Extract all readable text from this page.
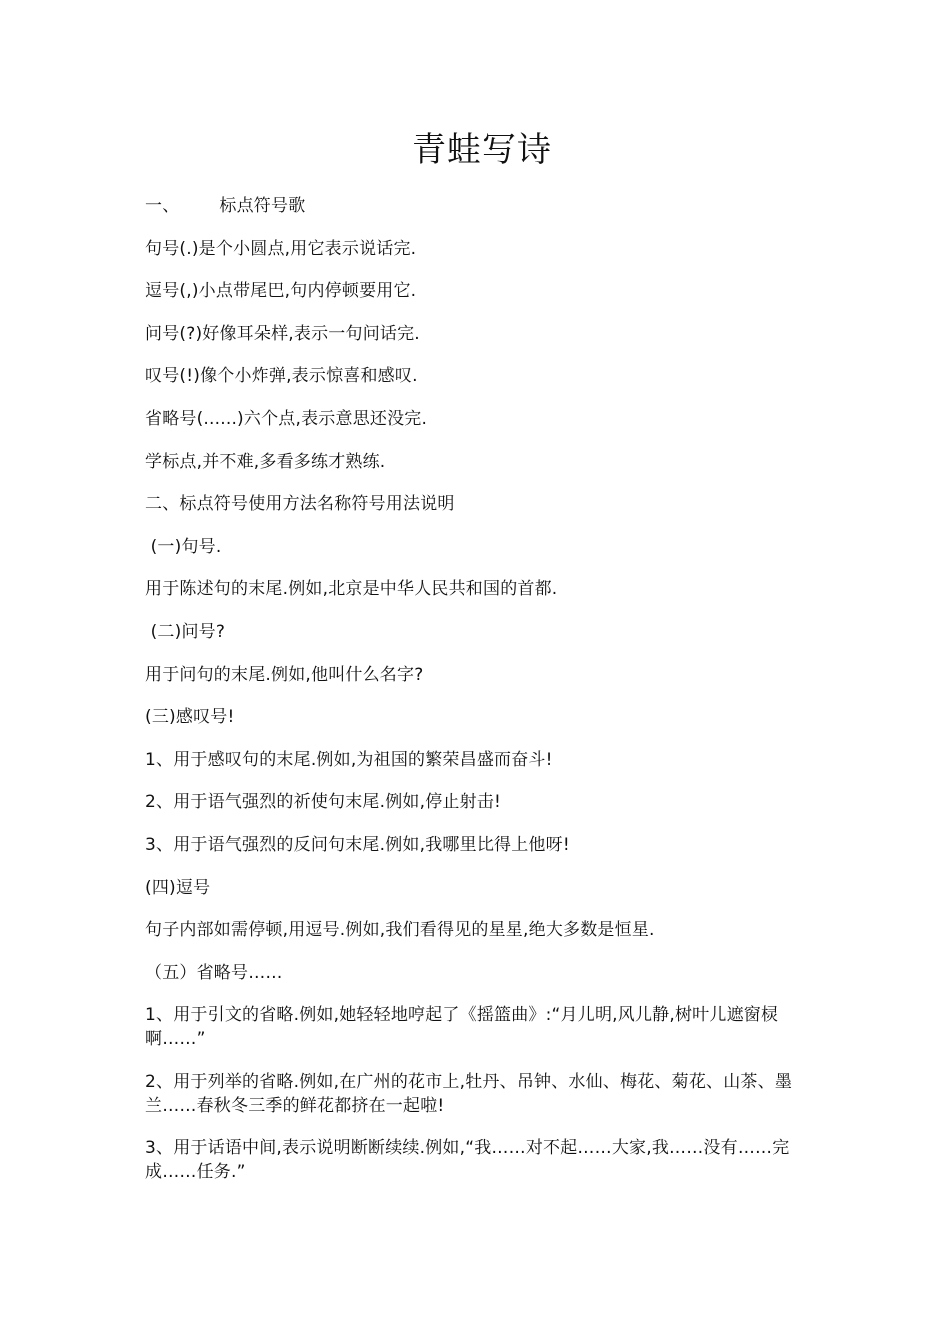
青蛙写诗
一、 标点符号歌
句号(.)是个小圆点,用它表示说话完.
逗号(,)小点带尾巴,句内停顿要用它.
问号(?)好像耳朵样,表示一句问话完.
叹号(!)像个小炸弹,表示惊喜和感叹.
省略号(......)六个点,表示意思还没完.
学标点,并不难,多看多练才熟练.
二、标点符号使用方法名称符号用法说明
(一)句号.
用于陈述句的末尾.例如,北京是中华人民共和国的首都.
(二)问号?
用于问句的末尾.例如,他叫什么名字?
(三)感叹号!
1、用于感叹句的末尾.例如,为祖国的繁荣昌盛而奋斗!
2、用于语气强烈的祈使句末尾.例如,停止射击!
3、用于语气强烈的反问句末尾.例如,我哪里比得上他呀!
(四)逗号
句子内部如需停顿,用逗号.例如,我们看得见的星星,绝大多数是恒星.
（五）省略号……
1、用于引文的省略.例如,她轻轻地哼起了《摇篮曲》:“月儿明,风儿静,树叶儿遮窗棂啊……”
2、用于列举的省略.例如,在广州的花市上,牡丹、吊钟、水仙、梅花、菊花、山茶、墨兰……春秋冬三季的鲜花都挤在一起啦!
3、用于话语中间,表示说明断断续续.例如,“我……对不起……大家,我……没有……完成……任务.”
